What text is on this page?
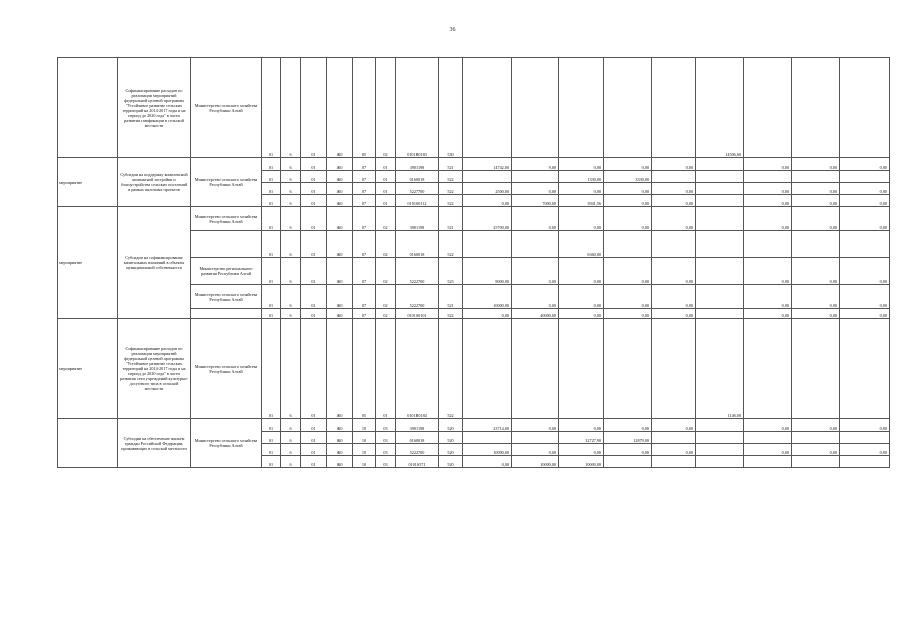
36
	Софинансирование расходов по реализации мероприятий федеральной целевой программы "Устойчивое развитие сельских территорий на 2014-2017 годы и на период до 2020 года" в части развития газификации в сельской местности	Министерство сельского хозяйства Республики Алтай	01	6	01	Ж0	85	02	0101R0183	530						14506,60				
мероприятие	Субсидии на поддержку комплексной компактной застройки и благоустройства сельских поселений в рамках пилотных проектов	Министерство сельского хозяйства Республики Алтай	01	6	01	Ж0	07	01	3901198	521	14742,00	9,00	0,00	0,00	0,00		0,00	0,00	0,00	
			01	6	01	Ж0	07	01	0160018	522			1330,00	3330,00						
			01	6	01	Ж0	07	01	5227700	522	2500,00	0,00	0,00	0,00	0,00		0,00	0,00	0,00	
			01	6	01	Ж0	07	01	0101S0112	522	0,00	7000,00	3941,56	0,00	0,00		0,00	0,00	0,00	
мероприятие	Субсидии на софинансирование капитальных вложений в объекты муниципальной собственности	Министерство сельского хозяйства Республики Алтай	01	6	01	Ж0	07	02	3901198	521	25700,00	0,00	0,00	0,00	0,00		0,00	0,00	0,00	
			01	6	01	Ж0	07	02	0160018	522			6360,00							
		Министерство регионального развития Республики Алтай	01	6	01	Ж0	07	02	5222700	523	8000,00	0,00	0,00	0,00	0,00		0,00	0,00	0,00	
		Министерство сельского хозяйства Республики Алтай	01	6	01	Ж0	07	02	5222700	521	10000,00	0,00	0,00	0,00	0,00		0,00	0,00	0,00	
			01	6	01	Ж0	07	02	0101S0101	522	0,00	40000,00	0,00	0,00	0,00		0,00	0,00	0,00	
мероприятие	Софинансирование расходов по реализации мероприятий федеральной целевой программы "Устойчивое развитие сельских территорий на 2014-2017 годы и на период до 2020 года" в части развития сети учреждений культурно-досугового типа в сельской местности	Министерство сельского хозяйства Республики Алтай	01	6	01	Ж0	05	01	0101R0184	522						1146,00				
	Субсидии на обеспечение жильем граждан Российской Федерации, проживающих в сельской местности	Министерство сельского хозяйства Республики Алтай	01	6	01	Ж0	10	03	3901198	520	23714,00	0,00	0,00	0,00	0,00		0,00	0,00	0,00	
			01	6	01	Ж0	10	03	0160018	520			32727,90	12879,00						
			01	6	01	Ж0	10	03	5222700	520	10000,00	0,00	0,00	0,00	0,00		0,00	0,00	0,00	
			01	6	01	Ж0	10	03	0101S571	520	0,00	10000,00	10000,00							
